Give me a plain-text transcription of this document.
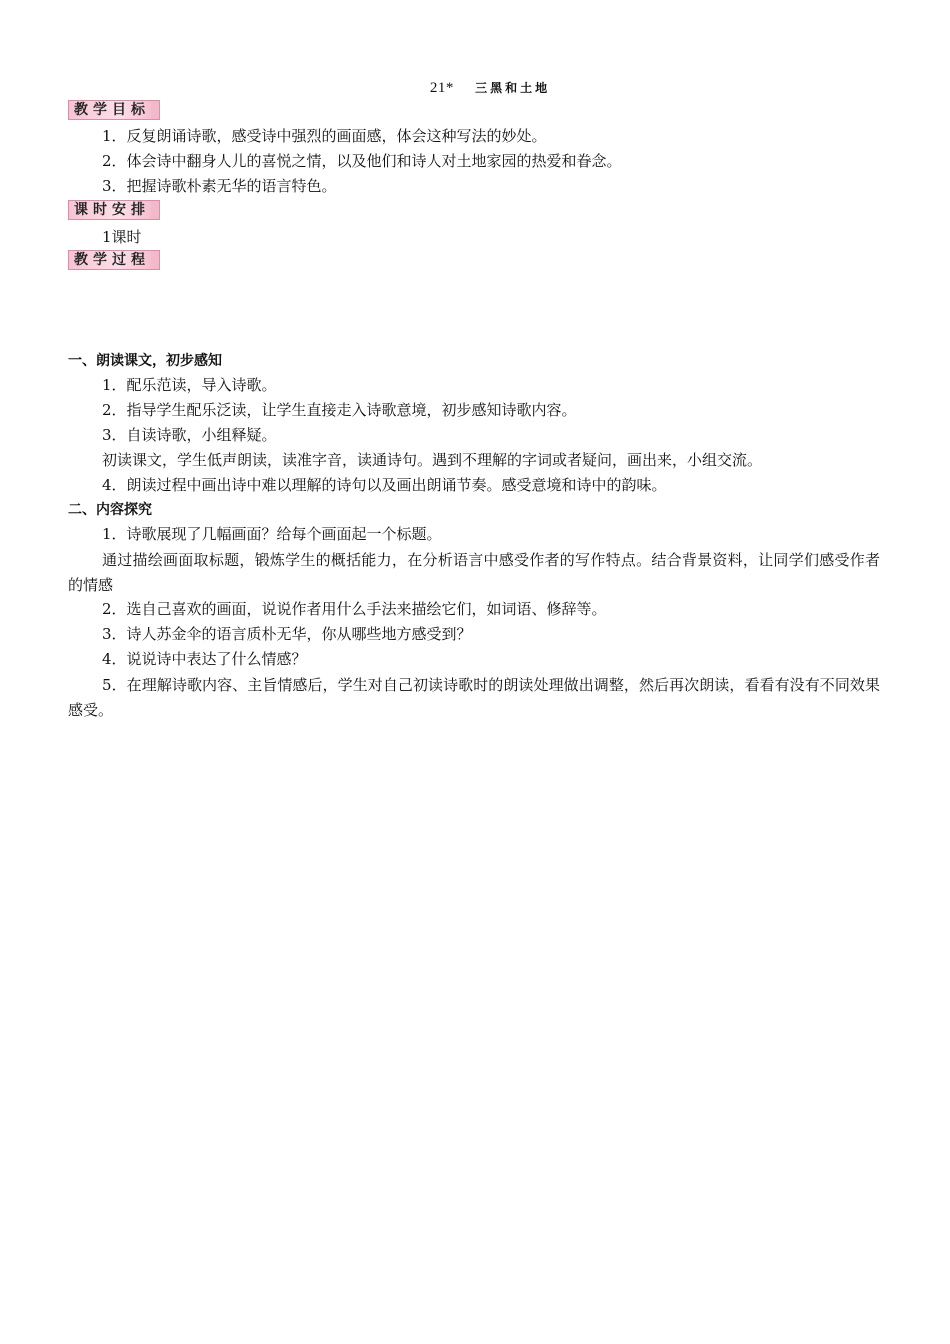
21* 三黑和土地
教学目标
1．反复朗诵诗歌，感受诗中强烈的画面感，体会这种写法的妙处。
2．体会诗中翻身人儿的喜悦之情，以及他们和诗人对土地家园的热爱和眷念。
3．把握诗歌朴素无华的语言特色。
课时安排
1课时
教学过程
一、朗读课文，初步感知
1．配乐范读，导入诗歌。
2．指导学生配乐泛读，让学生直接走入诗歌意境，初步感知诗歌内容。
3．自读诗歌，小组释疑。
初读课文，学生低声朗读，读准字音，读通诗句。遇到不理解的字词或者疑问，画出来，小组交流。
4．朗读过程中画出诗中难以理解的诗句以及画出朗诵节奏。感受意境和诗中的韵味。
二、内容探究
1．诗歌展现了几幅画面？给每个画面起一个标题。
通过描绘画面取标题，锻炼学生的概括能力，在分析语言中感受作者的写作特点。结合背景资料，让同学们感受作者的情感
2．选自己喜欢的画面，说说作者用什么手法来描绘它们，如词语、修辞等。
3．诗人苏金伞的语言质朴无华，你从哪些地方感受到？
4．说说诗中表达了什么情感？
5．在理解诗歌内容、主旨情感后，学生对自己初读诗歌时的朗读处理做出调整，然后再次朗读，看看有没有不同效果感受。
